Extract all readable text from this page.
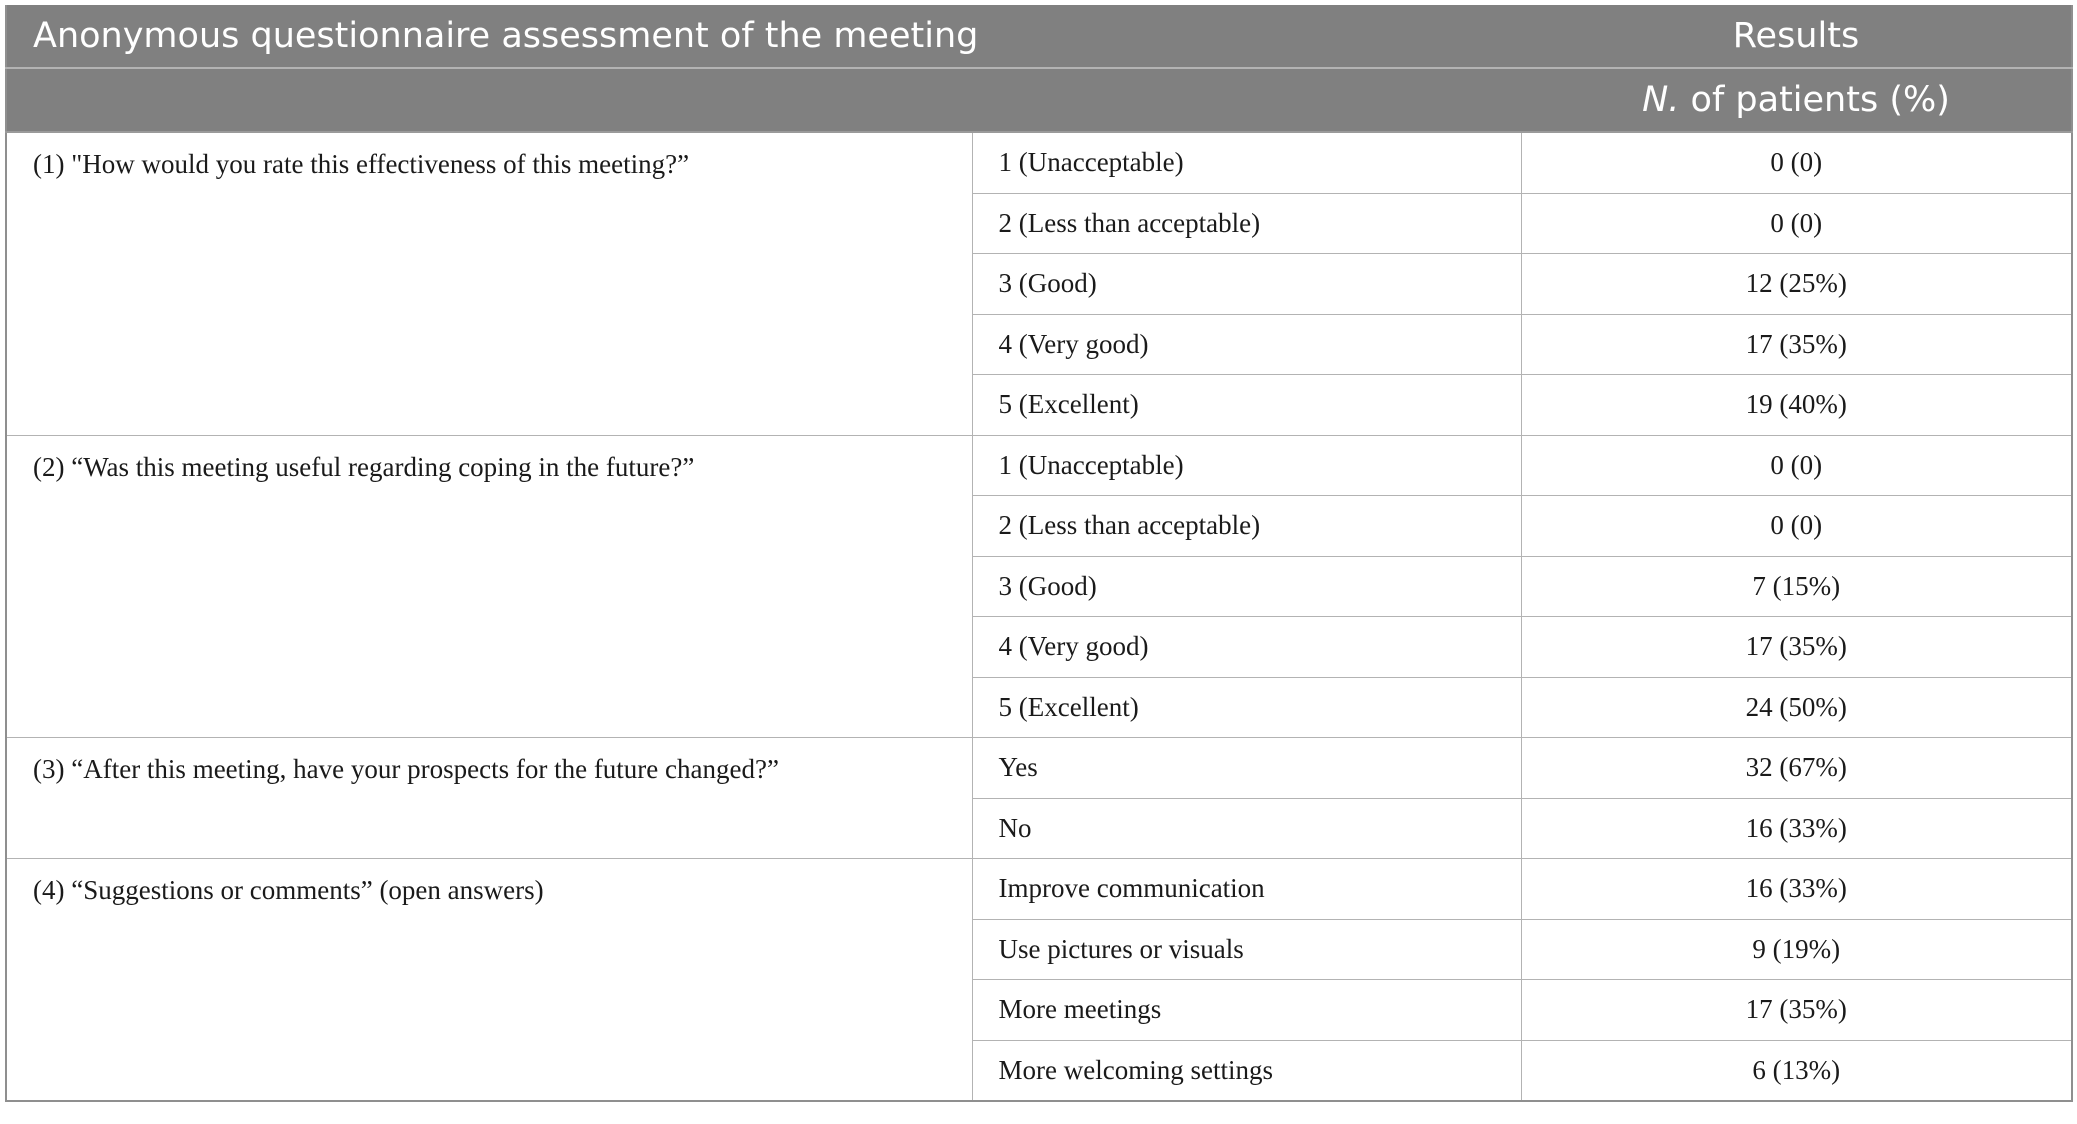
Anonymous questionnaire assessment of the meeting		Results
		N. of patients (%)
(1) "How would you rate this effectiveness of this meeting?”	1 (Unacceptable)	0 (0)
	2 (Less than acceptable)	0 (0)
	3 (Good)	12 (25%)
	4 (Very good)	17 (35%)
	5 (Excellent)	19 (40%)
(2) “Was this meeting useful regarding coping in the future?”	1 (Unacceptable)	0 (0)
	2 (Less than acceptable)	0 (0)
	3 (Good)	7 (15%)
	4 (Very good)	17 (35%)
	5 (Excellent)	24 (50%)
(3) “After this meeting, have your prospects for the future changed?”	Yes	32 (67%)
	No	16 (33%)
(4) “Suggestions or comments” (open answers)	Improve communication	16 (33%)
	Use pictures or visuals	9 (19%)
	More meetings	17 (35%)
	More welcoming settings	6 (13%)
